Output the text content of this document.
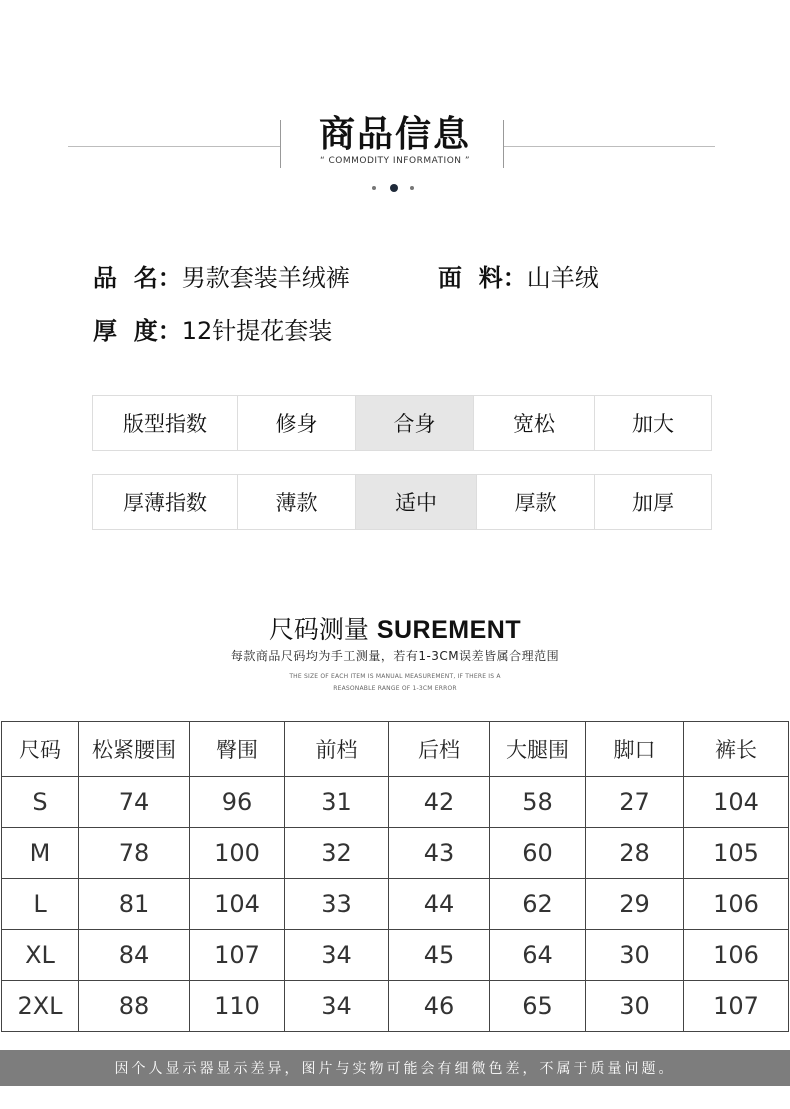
商品信息
“ COMMODITY INFORMATION ”
品  名：男款套装羊绒裤	面  料：山羊绒
厚  度：12针提花套装
版型指数	修身	合身	宽松	加大
厚薄指数	薄款	适中	厚款	加厚
尺码测量 SUREMENT
每款商品尺码均为手工测量，若有1-3CM误差皆属合理范围
THE SIZE OF EACH ITEM IS MANUAL MEASUREMENT, IF THERE IS A
REASONABLE RANGE OF 1-3CM ERROR
尺码	松紧腰围	臀围	前档	后档	大腿围	脚口	裤长
S	74	96	31	42	58	27	104
M	78	100	32	43	60	28	105
L	81	104	33	44	62	29	106
XL	84	107	34	45	64	30	106
2XL	88	110	34	46	65	30	107
因个人显示器显示差异，图片与实物可能会有细微色差，不属于质量问题。
